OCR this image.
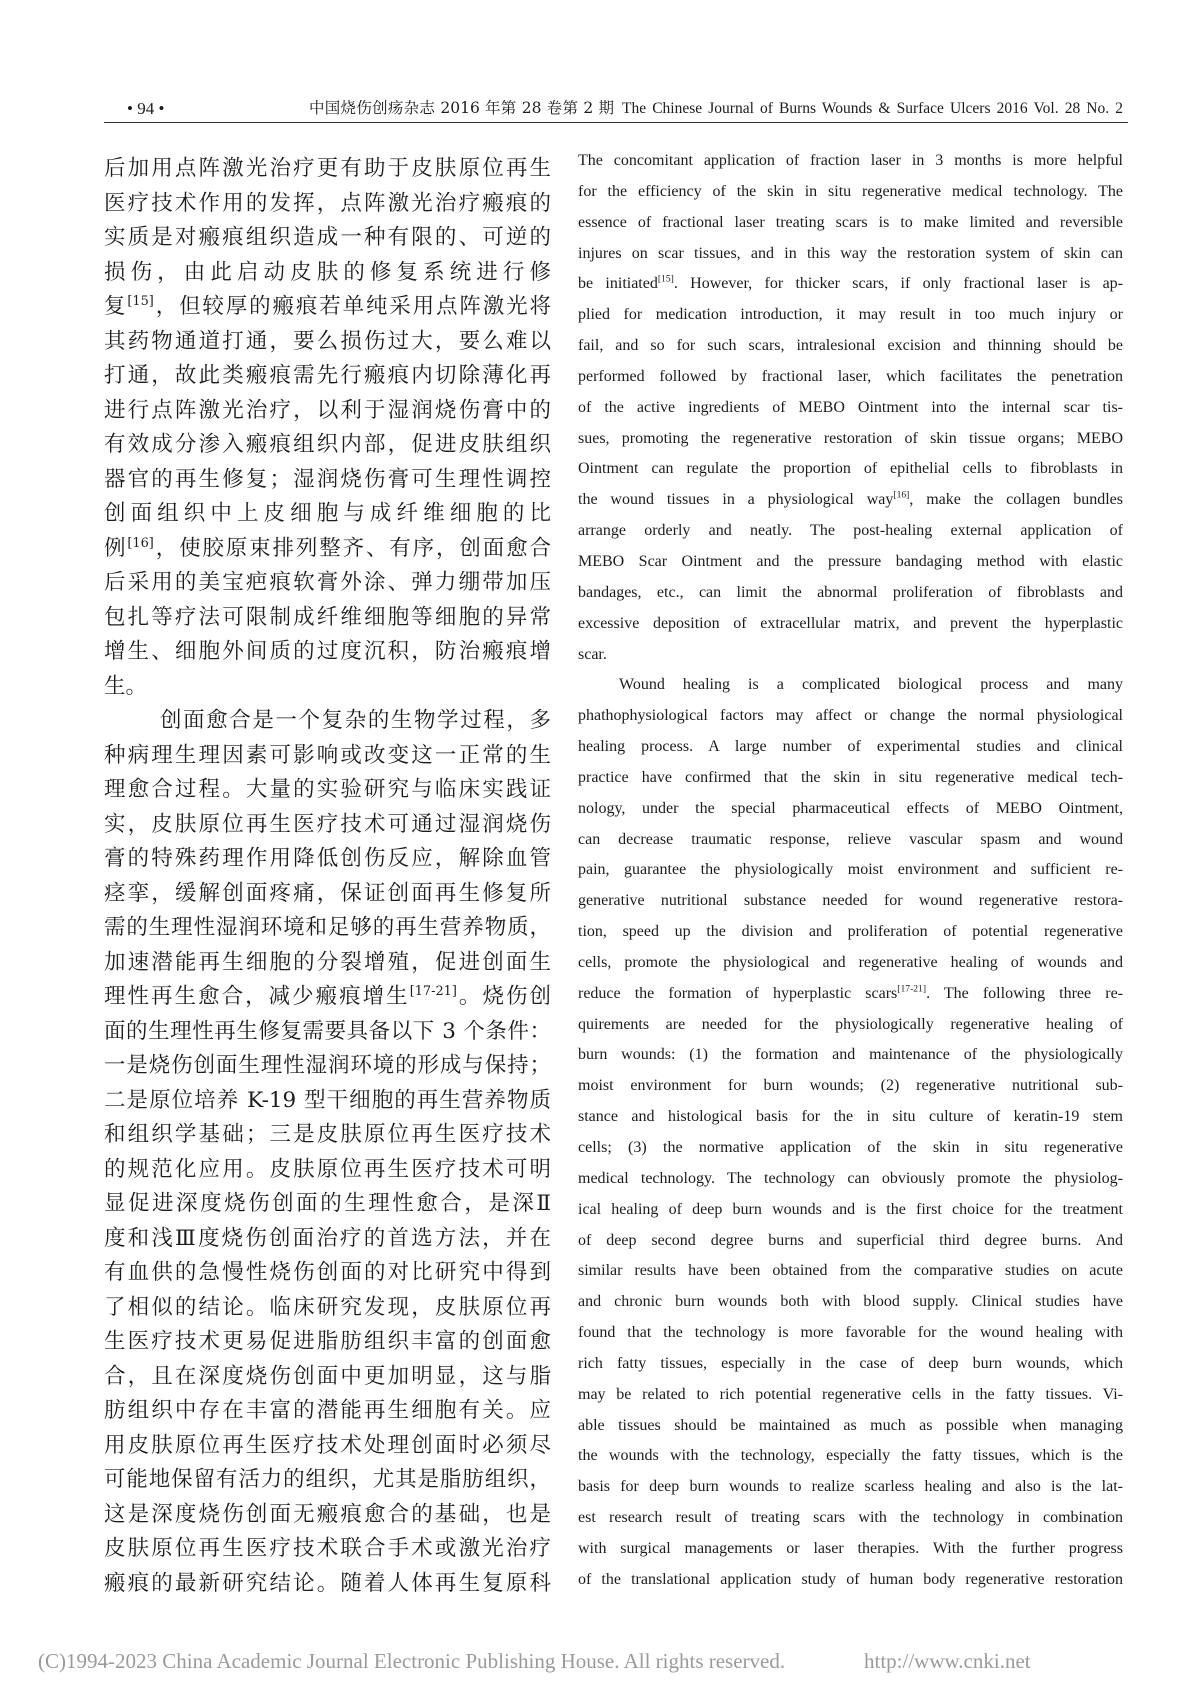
• 94 •	中国烧伤创疡杂志 2016 年第 28 卷第 2 期 The Chinese Journal of Burns Wounds & Surface Ulcers 2016 Vol. 28 No. 2
后加用点阵激光治疗更有助于皮肤原位再生
医疗技术作用的发挥，点阵激光治疗瘢痕的
实质是对瘢痕组织造成一种有限的、可逆的
损伤，由此启动皮肤的修复系统进行修
复[15]，但较厚的瘢痕若单纯采用点阵激光将
其药物通道打通，要么损伤过大，要么难以
打通，故此类瘢痕需先行瘢痕内切除薄化再
进行点阵激光治疗，以利于湿润烧伤膏中的
有效成分渗入瘢痕组织内部，促进皮肤组织
器官的再生修复；湿润烧伤膏可生理性调控
创面组织中上皮细胞与成纤维细胞的比
例[16]，使胶原束排列整齐、有序，创面愈合
后采用的美宝疤痕软膏外涂、弹力绷带加压
包扎等疗法可限制成纤维细胞等细胞的异常
增生、细胞外间质的过度沉积，防治瘢痕增
生。
创面愈合是一个复杂的生物学过程，多
种病理生理因素可影响或改变这一正常的生
理愈合过程。大量的实验研究与临床实践证
实，皮肤原位再生医疗技术可通过湿润烧伤
膏的特殊药理作用降低创伤反应，解除血管
痉挛，缓解创面疼痛，保证创面再生修复所
需的生理性湿润环境和足够的再生营养物质，
加速潜能再生细胞的分裂增殖，促进创面生
理性再生愈合，减少瘢痕增生[17-21]。烧伤创
面的生理性再生修复需要具备以下 3 个条件：
一是烧伤创面生理性湿润环境的形成与保持；
二是原位培养 K-19 型干细胞的再生营养物质
和组织学基础；三是皮肤原位再生医疗技术
的规范化应用。皮肤原位再生医疗技术可明
显促进深度烧伤创面的生理性愈合，是深Ⅱ
度和浅Ⅲ度烧伤创面治疗的首选方法，并在
有血供的急慢性烧伤创面的对比研究中得到
了相似的结论。临床研究发现，皮肤原位再
生医疗技术更易促进脂肪组织丰富的创面愈
合，且在深度烧伤创面中更加明显，这与脂
肪组织中存在丰富的潜能再生细胞有关。应
用皮肤原位再生医疗技术处理创面时必须尽
可能地保留有活力的组织，尤其是脂肪组织，
这是深度烧伤创面无瘢痕愈合的基础，也是
皮肤原位再生医疗技术联合手术或激光治疗
瘢痕的最新研究结论。随着人体再生复原科
The concomitant application of fraction laser in 3 months is more helpful
for the efficiency of the skin in situ regenerative medical technology. The
essence of fractional laser treating scars is to make limited and reversible
injures on scar tissues, and in this way the restoration system of skin can
be initiated[15]. However, for thicker scars, if only fractional laser is ap-
plied for medication introduction, it may result in too much injury or
fail, and so for such scars, intralesional excision and thinning should be
performed followed by fractional laser, which facilitates the penetration
of the active ingredients of MEBO Ointment into the internal scar tis-
sues, promoting the regenerative restoration of skin tissue organs; MEBO
Ointment can regulate the proportion of epithelial cells to fibroblasts in
the wound tissues in a physiological way[16], make the collagen bundles
arrange orderly and neatly. The post-healing external application of
MEBO Scar Ointment and the pressure bandaging method with elastic
bandages, etc., can limit the abnormal proliferation of fibroblasts and
excessive deposition of extracellular matrix, and prevent the hyperplastic
scar.
Wound healing is a complicated biological process and many
phathophysiological factors may affect or change the normal physiological
healing process. A large number of experimental studies and clinical
practice have confirmed that the skin in situ regenerative medical tech-
nology, under the special pharmaceutical effects of MEBO Ointment,
can decrease traumatic response, relieve vascular spasm and wound
pain, guarantee the physiologically moist environment and sufficient re-
generative nutritional substance needed for wound regenerative restora-
tion, speed up the division and proliferation of potential regenerative
cells, promote the physiological and regenerative healing of wounds and
reduce the formation of hyperplastic scars[17-21]. The following three re-
quirements are needed for the physiologically regenerative healing of
burn wounds: (1) the formation and maintenance of the physiologically
moist environment for burn wounds; (2) regenerative nutritional sub-
stance and histological basis for the in situ culture of keratin-19 stem
cells; (3) the normative application of the skin in situ regenerative
medical technology. The technology can obviously promote the physiolog-
ical healing of deep burn wounds and is the first choice for the treatment
of deep second degree burns and superficial third degree burns. And
similar results have been obtained from the comparative studies on acute
and chronic burn wounds both with blood supply. Clinical studies have
found that the technology is more favorable for the wound healing with
rich fatty tissues, especially in the case of deep burn wounds, which
may be related to rich potential regenerative cells in the fatty tissues. Vi-
able tissues should be maintained as much as possible when managing
the wounds with the technology, especially the fatty tissues, which is the
basis for deep burn wounds to realize scarless healing and also is the lat-
est research result of treating scars with the technology in combination
with surgical managements or laser therapies. With the further progress
of the translational application study of human body regenerative restoration
(C)1994-2023 China Academic Journal Electronic Publishing House. All rights reserved.	http://www.cnki.net
